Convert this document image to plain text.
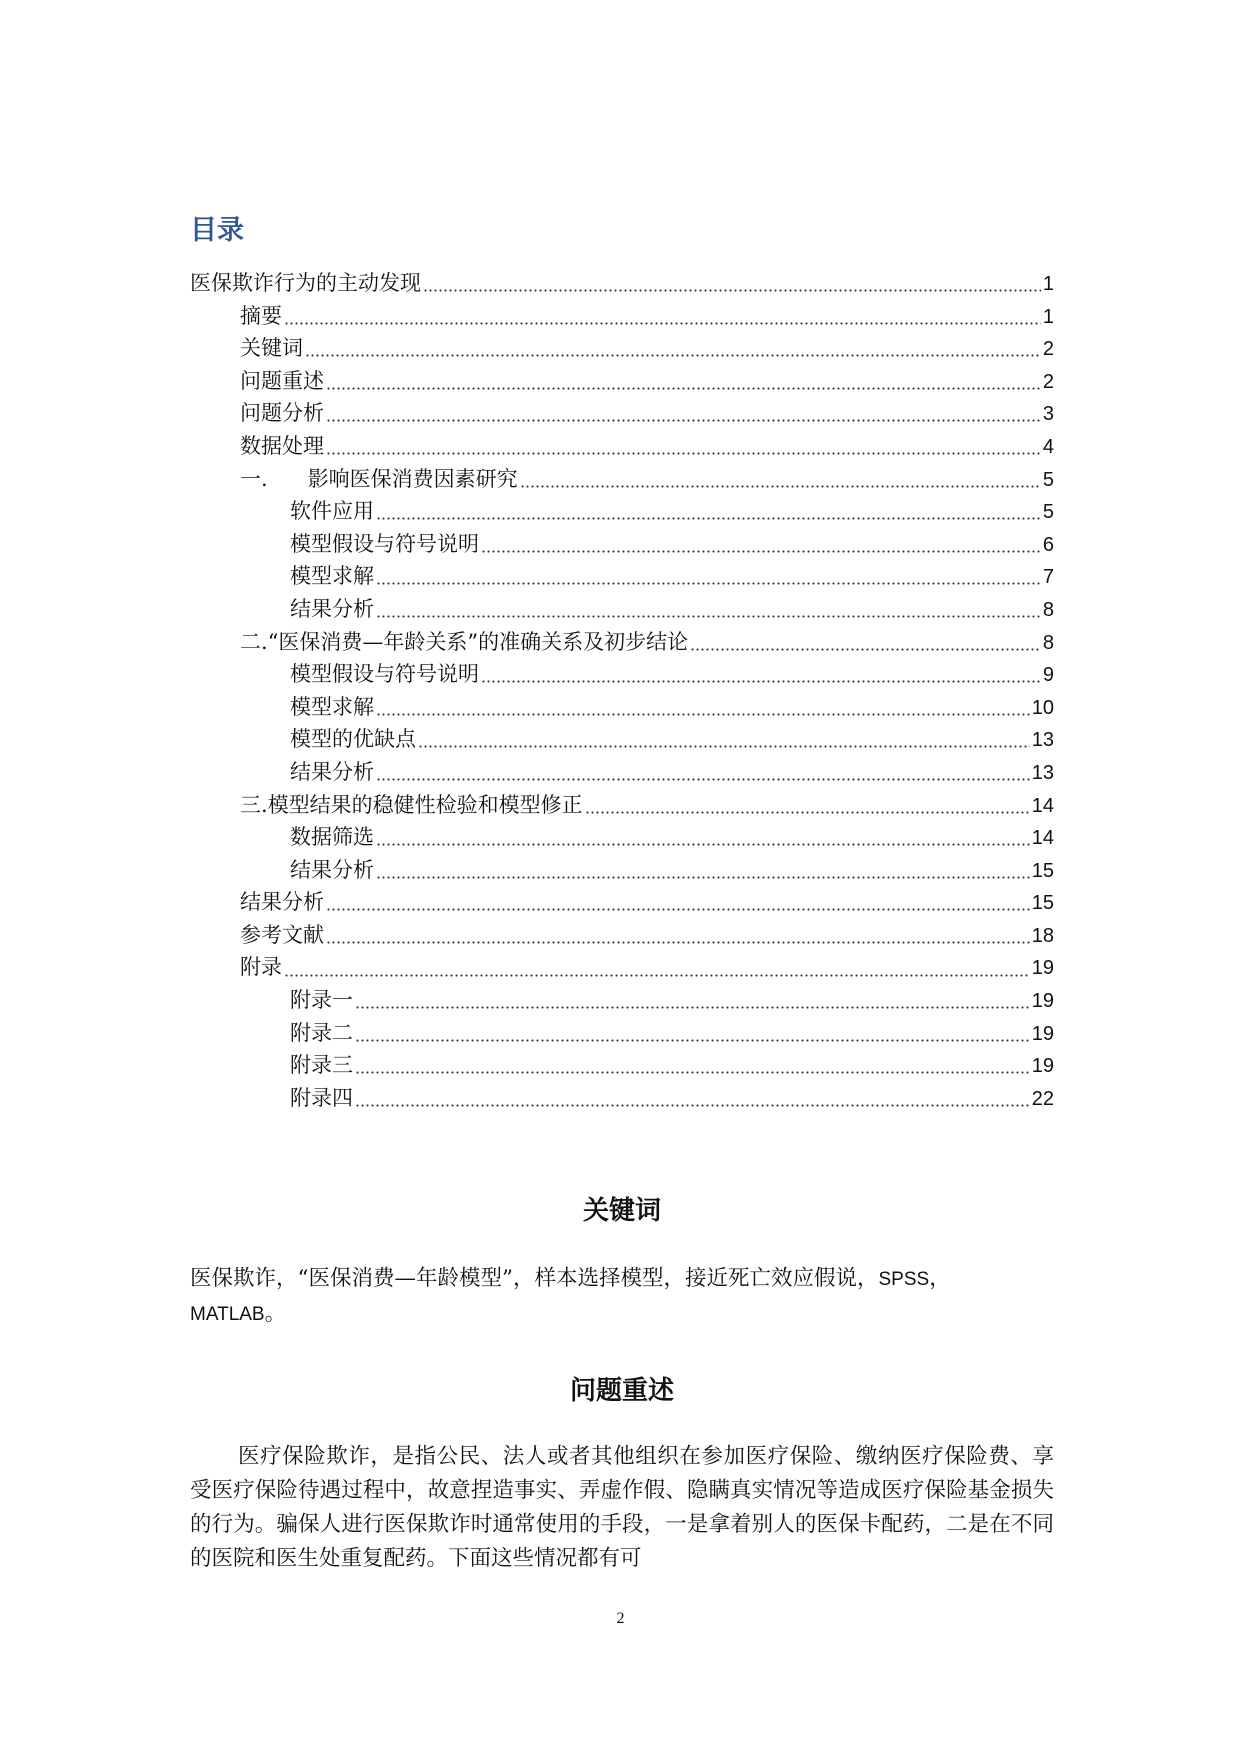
目录
医保欺诈行为的主动发现	1
摘要	1
关键词	2
问题重述	2
问题分析	3
数据处理	4
一. 影响医保消费因素研究	5
软件应用	5
模型假设与符号说明	6
模型求解	7
结果分析	8
二. “医保消费—年龄关系”的准确关系及初步结论	8
模型假设与符号说明	9
模型求解	10
模型的优缺点	13
结果分析	13
三. 模型结果的稳健性检验和模型修正	14
数据筛选	14
结果分析	15
结果分析	15
参考文献	18
附录	19
附录一	19
附录二	19
附录三	19
附录四	22
关键词
医保欺诈，“医保消费—年龄模型”，样本选择模型，接近死亡效应假说，SPSS，
MATLAB。
问题重述
医疗保险欺诈，是指公民、法人或者其他组织在参加医疗保险、缴纳医疗保险费、享受医疗保险待遇过程中，故意捏造事实、弄虚作假、隐瞒真实情况等造成医疗保险基金损失的行为。骗保人进行医保欺诈时通常使用的手段，一是拿着别人的医保卡配药，二是在不同的医院和医生处重复配药。下面这些情况都有可
2
